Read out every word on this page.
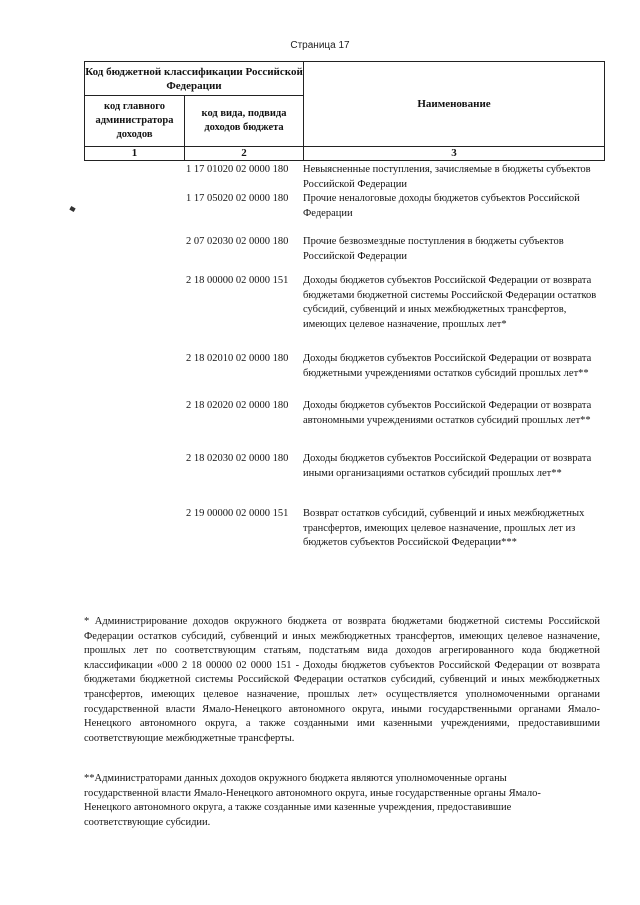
Страница 17
Код бюджетной классификации Российской Федерации		Наименование
код главного администратора доходов	код вида, подвида доходов бюджета	
1	2	3
1 17 01020 02 0000 180	Невыясненные поступления, зачисляемые в бюджеты субъектов Российской Федерации
1 17 05020 02 0000 180	Прочие неналоговые доходы бюджетов субъектов Российской Федерации
2 07 02030 02 0000 180	Прочие безвозмездные поступления в бюджеты субъектов Российской Федерации
2 18 00000 02 0000 151	Доходы бюджетов субъектов Российской Федерации от возврата бюджетами бюджетной системы Российской Федерации остатков субсидий, субвенций и иных межбюджетных трансфертов, имеющих целевое назначение, прошлых лет*
2 18 02010 02 0000 180	Доходы бюджетов субъектов Российской Федерации от возврата бюджетными учреждениями остатков субсидий прошлых лет**
2 18 02020 02 0000 180	Доходы бюджетов субъектов Российской Федерации от возврата автономными учреждениями остатков субсидий прошлых лет**
2 18 02030 02 0000 180	Доходы бюджетов субъектов Российской Федерации от возврата иными организациями остатков субсидий прошлых лет**
2 19 00000 02 0000 151	Возврат остатков субсидий, субвенций и иных межбюджетных трансфертов, имеющих целевое назначение, прошлых лет из бюджетов субъектов Российской Федерации***
* Администрирование доходов окружного бюджета от возврата бюджетами бюджетной системы Российской Федерации остатков субсидий, субвенций и иных межбюджетных трансфертов, имеющих целевое назначение, прошлых лет по соответствующим статьям, подстатьям вида доходов агрегированного кода бюджетной классификации «000 2 18 00000 02 0000 151 - Доходы бюджетов субъектов Российской Федерации от возврата бюджетами бюджетной системы Российской Федерации остатков субсидий, субвенций и иных межбюджетных трансфертов, имеющих целевое назначение, прошлых лет» осуществляется уполномоченными органами государственной власти Ямало-Ненецкого автономного округа, иными государственными органами Ямало-Ненецкого автономного округа, а также созданными ими казенными учреждениями, предоставившими соответствующие межбюджетные трансферты.
**Администраторами данных доходов окружного бюджета являются уполномоченные органы государственной власти Ямало-Ненецкого автономного округа, иные государственные органы Ямало-Ненецкого автономного округа, а также созданные ими казенные учреждения, предоставившие соответствующие субсидии.
